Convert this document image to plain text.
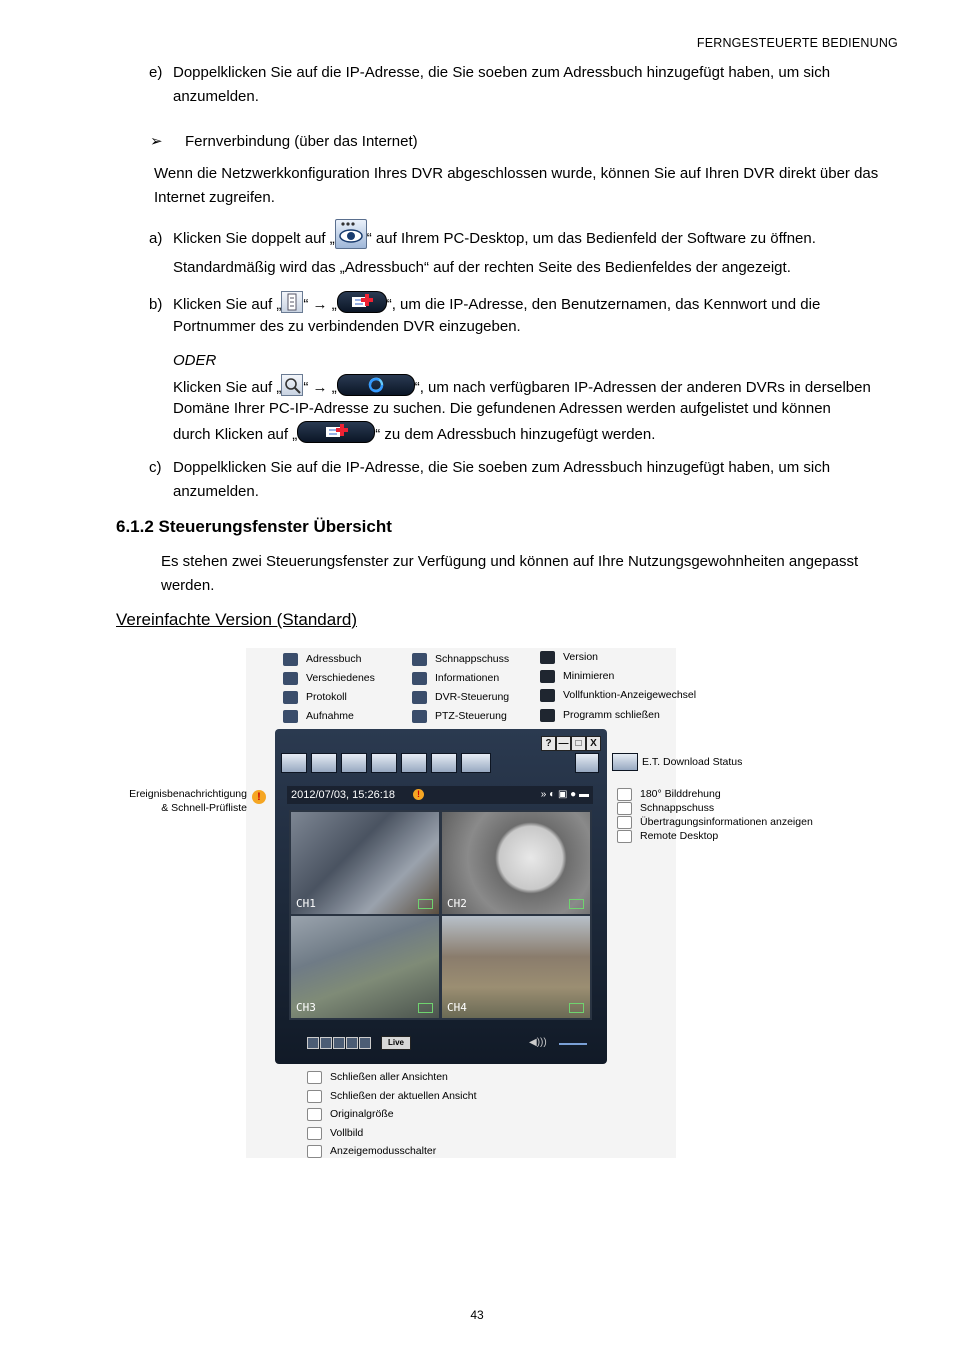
FERNGESTEUERTE BEDIENUNG
e) Doppelklicken Sie auf die IP-Adresse, die Sie soeben zum Adressbuch hinzugefügt haben, um sich anzumelden.
➢ Fernverbindung (über das Internet)
Wenn die Netzwerkkonfiguration Ihres DVR abgeschlossen wurde, können Sie auf Ihren DVR direkt über das Internet zugreifen.
a) Klicken Sie doppelt auf „ “ auf Ihrem PC-Desktop, um das Bedienfeld der Software zu öffnen.
Standardmäßig wird das „Adressbuch“ auf der rechten Seite des Bedienfeldes der angezeigt.
b) Klicken Sie auf „ “ → „	“, um die IP-Adresse, den Benutzernamen, das Kennwort und die
Portnummer des zu verbindenden DVR einzugeben.
ODER
Klicken Sie auf „ “ → „	“, um nach verfügbaren IP-Adressen der anderen DVRs in derselben
Domäne Ihrer PC-IP-Adresse zu suchen. Die gefundenen Adressen werden aufgelistet und können
durch Klicken auf „	“ zu dem Adressbuch hinzugefügt werden.
c) Doppelklicken Sie auf die IP-Adresse, die Sie soeben zum Adressbuch hinzugefügt haben, um sich anzumelden.
6.1.2 Steuerungsfenster Übersicht
Es stehen zwei Steuerungsfenster zur Verfügung und können auf Ihre Nutzungsgewohnheiten angepasst werden.
Vereinfachte Version (Standard)
Adressbuch
Verschiedenes
Protokoll
Aufnahme
Schnappschuss
Informationen
DVR-Steuerung
PTZ-Steuerung
Version
Minimieren
Vollfunktion-Anzeigewechsel
Programm schließen
? — □ X
2012/07/03, 15:26:18	!	» ◐ ▣ ● ▬
CH1	CH2
CH3	CH4
Live	◀)))
E.T. Download Status
180° Bilddrehung
Schnappschuss
Übertragungsinformationen anzeigen
Remote Desktop
Ereignisbenachrichtigung
& Schnell-Prüfliste
!
Schließen aller Ansichten
Schließen der aktuellen Ansicht
Originalgröße
Vollbild
Anzeigemodusschalter
43
